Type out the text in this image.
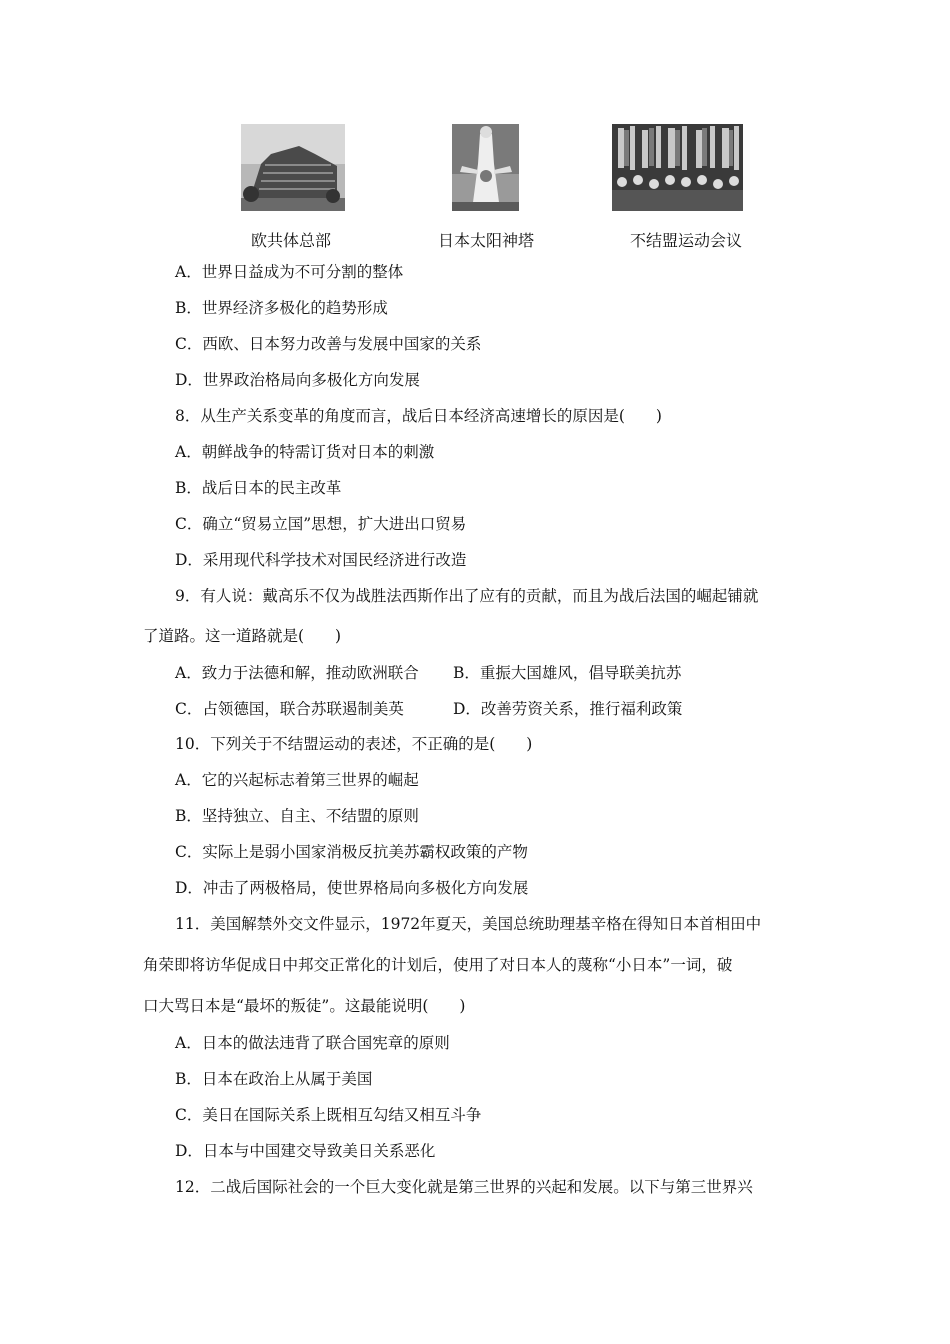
欧共体总部	日本太阳神塔	不结盟运动会议
A．世界日益成为不可分割的整体
B．世界经济多极化的趋势形成
C．西欧、日本努力改善与发展中国家的关系
D．世界政治格局向多极化方向发展
8．从生产关系变革的角度而言，战后日本经济高速增长的原因是(　　)
A．朝鲜战争的特需订货对日本的刺激
B．战后日本的民主改革
C．确立“贸易立国”思想，扩大进出口贸易
D．采用现代科学技术对国民经济进行改造
9．有人说：戴高乐不仅为战胜法西斯作出了应有的贡献，而且为战后法国的崛起铺就
了道路。这一道路就是(　　)
A．致力于法德和解，推动欧洲联合 B．重振大国雄风，倡导联美抗苏
C．占领德国，联合苏联遏制美英	D．改善劳资关系，推行福利政策
10．下列关于不结盟运动的表述，不正确的是(　　)
A．它的兴起标志着第三世界的崛起
B．坚持独立、自主、不结盟的原则
C．实际上是弱小国家消极反抗美苏霸权政策的产物
D．冲击了两极格局，使世界格局向多极化方向发展
11．美国解禁外交文件显示，1972年夏天，美国总统助理基辛格在得知日本首相田中
角荣即将访华促成日中邦交正常化的计划后，使用了对日本人的蔑称“小日本”一词，破
口大骂日本是“最坏的叛徒”。这最能说明(　　)
A．日本的做法违背了联合国宪章的原则
B．日本在政治上从属于美国
C．美日在国际关系上既相互勾结又相互斗争
D．日本与中国建交导致美日关系恶化
12．二战后国际社会的一个巨大变化就是第三世界的兴起和发展。以下与第三世界兴
